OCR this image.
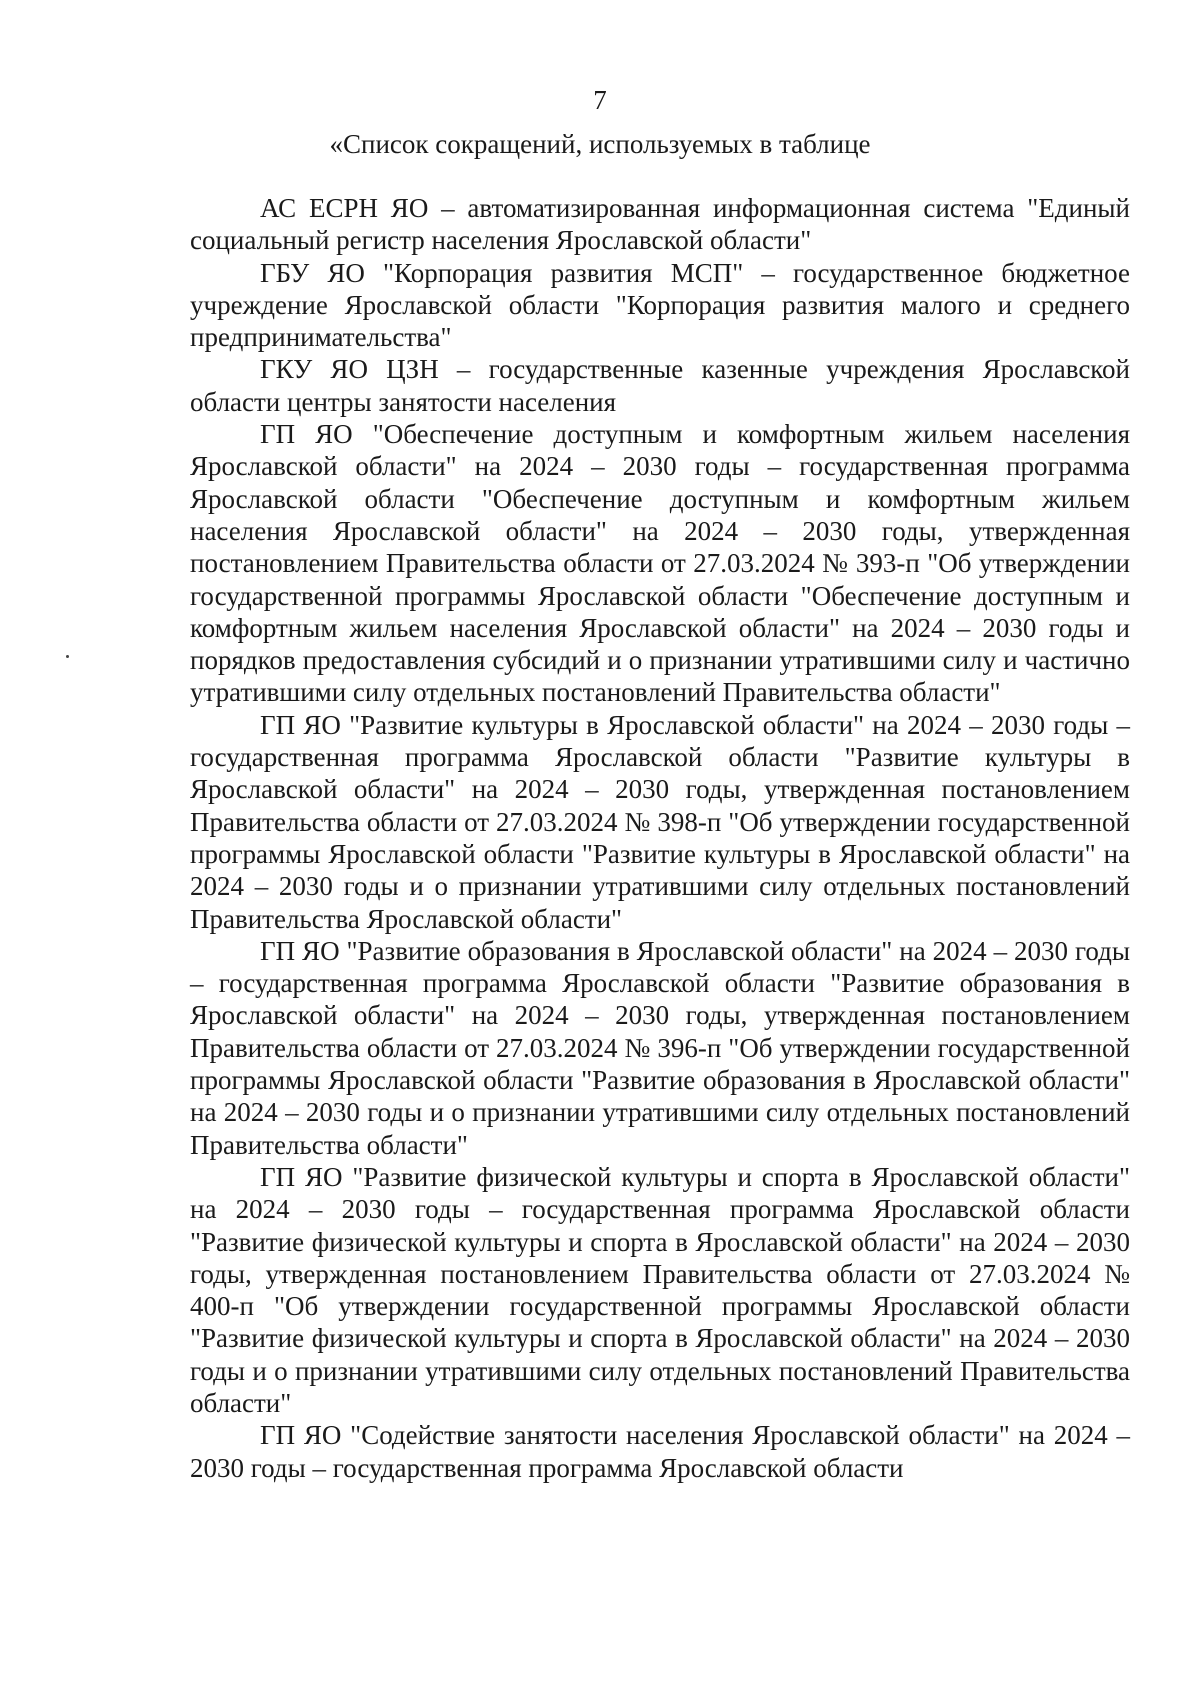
7
«Список сокращений, используемых в таблице

АС ЕСРН ЯО – автоматизированная информационная система "Единый социальный регистр населения Ярославской области"

ГБУ ЯО "Корпорация развития МСП" – государственное бюджетное учреждение Ярославской области "Корпорация развития малого и среднего предпринимательства"

ГКУ ЯО ЦЗН – государственные казенные учреждения Ярославской области центры занятости населения

ГП ЯО "Обеспечение доступным и комфортным жильем населения Ярославской области" на 2024 – 2030 годы – государственная программа Ярославской области "Обеспечение доступным и комфортным жильем населения Ярославской области" на 2024 – 2030 годы, утвержденная постановлением Правительства области от 27.03.2024 № 393-п "Об утверждении государственной программы Ярославской области "Обеспечение доступным и комфортным жильем населения Ярославской области" на 2024 – 2030 годы и порядков предоставления субсидий и о признании утратившими силу и частично утратившими силу отдельных постановлений Правительства области"

ГП ЯО "Развитие культуры в Ярославской области" на 2024 – 2030 годы – государственная программа Ярославской области "Развитие культуры в Ярославской области" на 2024 – 2030 годы, утвержденная постановлением Правительства области от 27.03.2024 № 398-п "Об утверждении государственной программы Ярославской области "Развитие культуры в Ярославской области" на 2024 – 2030 годы и о признании утратившими силу отдельных постановлений Правительства Ярославской области"

ГП ЯО "Развитие образования в Ярославской области" на 2024 – 2030 годы – государственная программа Ярославской области "Развитие образования в Ярославской области" на 2024 – 2030 годы, утвержденная постановлением Правительства области от 27.03.2024 № 396-п "Об утверждении государственной программы Ярославской области "Развитие образования в Ярославской области" на 2024 – 2030 годы и о признании утратившими силу отдельных постановлений Правительства области"

ГП ЯО "Развитие физической культуры и спорта в Ярославской области" на 2024 – 2030 годы – государственная программа Ярославской области "Развитие физической культуры и спорта в Ярославской области" на 2024 – 2030 годы, утвержденная постановлением Правительства области от 27.03.2024 № 400-п "Об утверждении государственной программы Ярославской области "Развитие физической культуры и спорта в Ярославской области" на 2024 – 2030 годы и о признании утратившими силу отдельных постановлений Правительства области"

ГП ЯО "Содействие занятости населения Ярославской области" на 2024 – 2030 годы – государственная программа Ярославской области
